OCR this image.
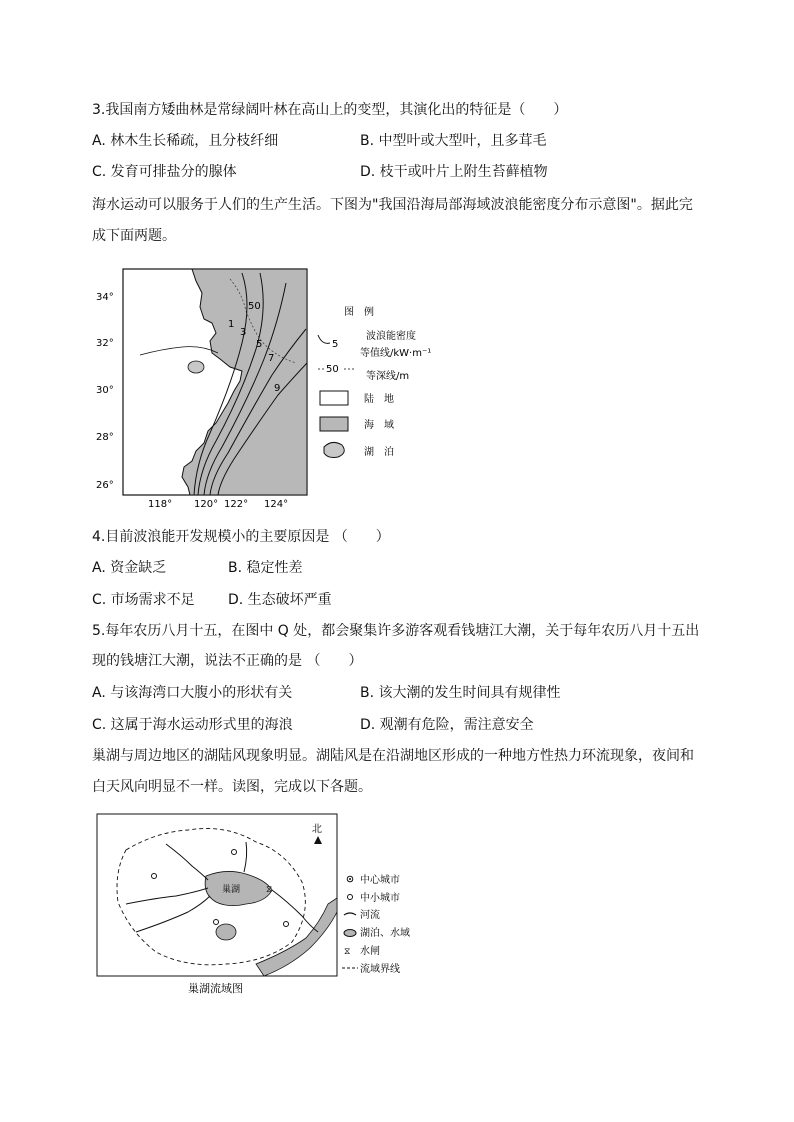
3.我国南方矮曲林是常绿阔叶林在高山上的变型，其演化出的特征是（　　）
A. 林木生长稀疏，且分枝纤细	B. 中型叶或大型叶，且多茸毛
C. 发育可排盐分的腺体	D. 枝干或叶片上附生苔藓植物
海水运动可以服务于人们的生产生活。下图为"我国沿海局部海域波浪能密度分布示意图"。据此完
成下面两题。
1
3
5
7
9
50
34°
32°
30°
28°
26°
118° 120° 122° 124°
图　例
5
波浪能密度
等值线/kW·m⁻¹
50
等深线/m
陆　地
海　域
湖　泊
4.目前波浪能开发规模小的主要原因是 （　　）
A. 资金缺乏	B. 稳定性差
C. 市场需求不足 D. 生态破坏严重
5.每年农历八月十五，在图中 Q 处，都会聚集许多游客观看钱塘江大潮，关于每年农历八月十五出
现的钱塘江大潮，说法不正确的是 （　　）
A. 与该海湾口大腹小的形状有关	B. 该大潮的发生时间具有规律性
C. 这属于海水运动形式里的海浪	D. 观潮有危险，需注意安全
巢湖与周边地区的湖陆风现象明显。湖陆风是在沿湖地区形成的一种地方性热力环流现象，夜间和
白天风向明显不一样。读图，完成以下各题。
⧖
巢湖
北
巢湖流域图
中心城市
中小城市
河流
湖泊、水域
⧖ 水闸
流域界线
